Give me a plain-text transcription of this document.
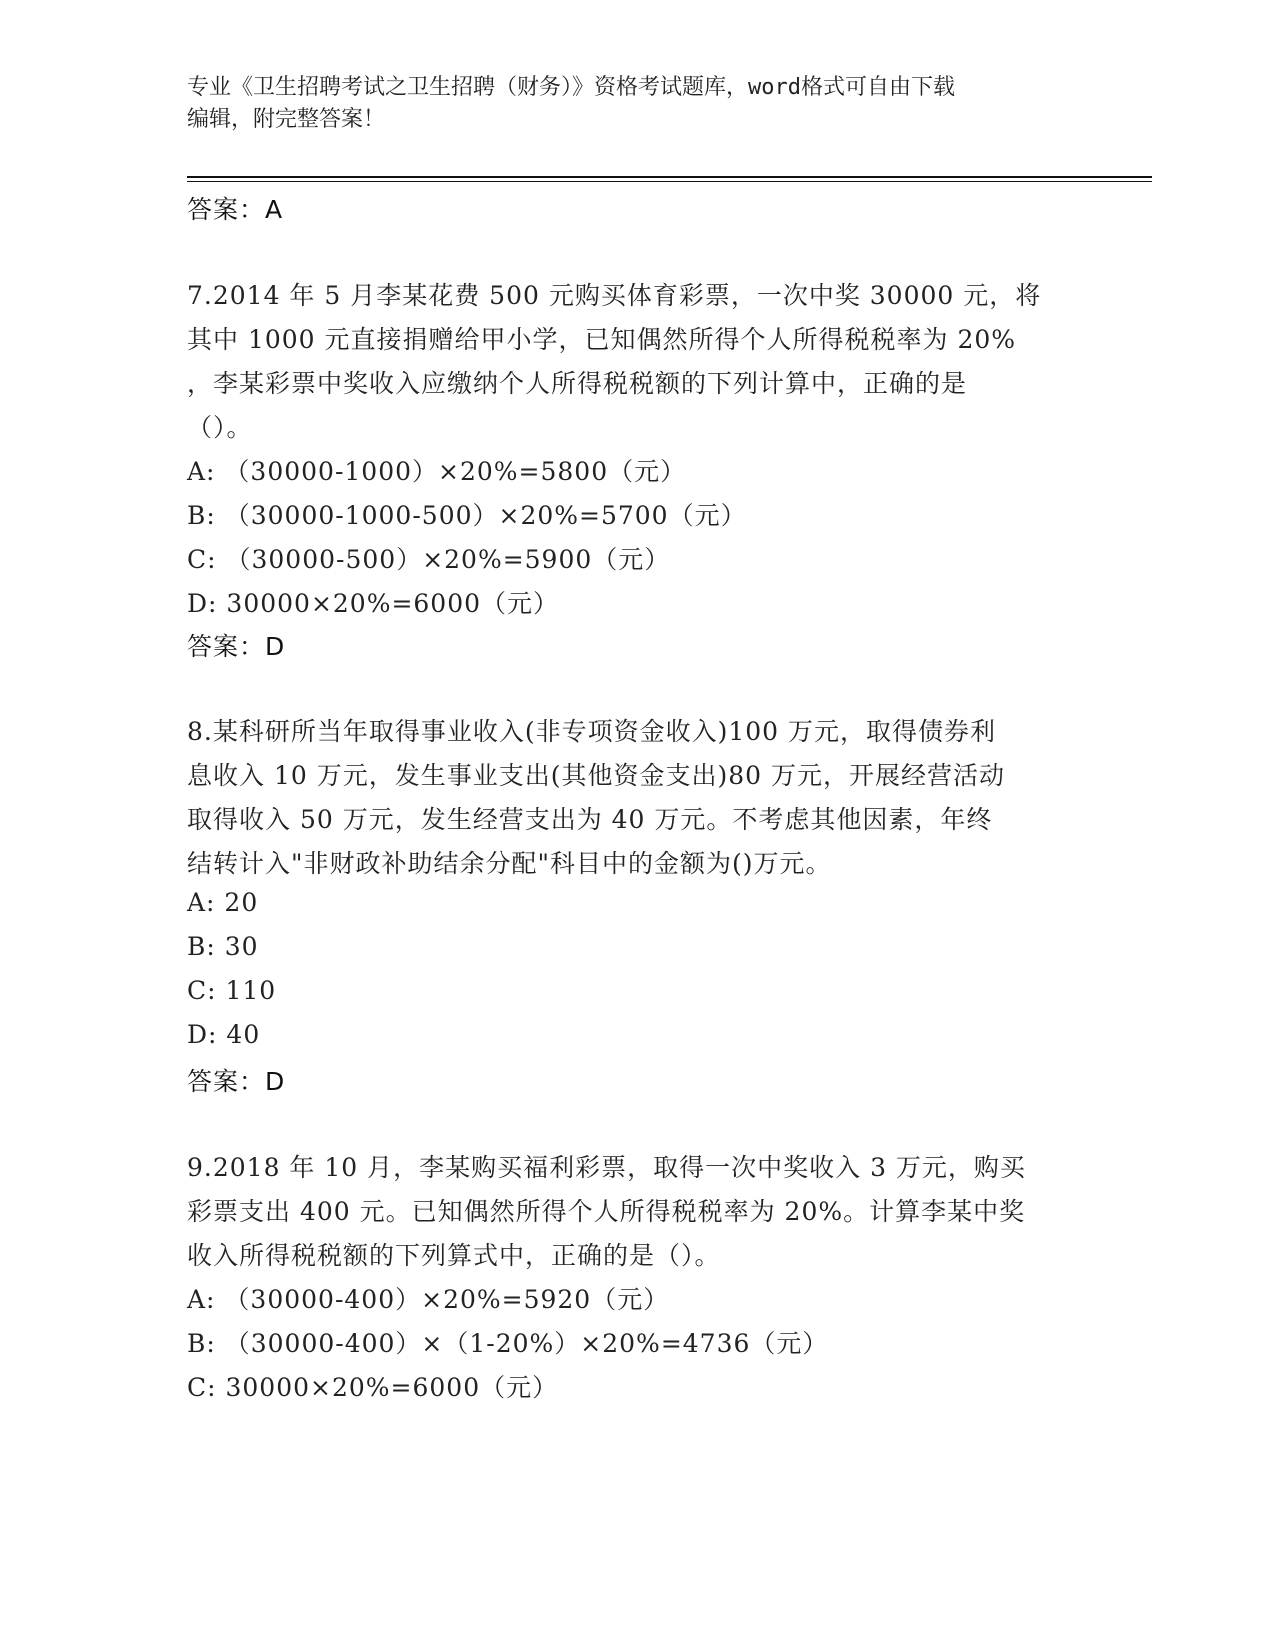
专业《卫生招聘考试之卫生招聘（财务）》资格考试题库，word格式可自由下载
编辑，附完整答案！
答案：A
7.2014 年 5 月李某花费 500 元购买体育彩票，一次中奖 30000 元，将
其中 1000 元直接捐赠给甲小学，已知偶然所得个人所得税税率为 20%
，李某彩票中奖收入应缴纳个人所得税税额的下列计算中，正确的是
（）。
A: （30000-1000）×20%=5800（元）
B: （30000-1000-500）×20%=5700（元）
C: （30000-500）×20%=5900（元）
D: 30000×20%=6000（元）
答案：D
8.某科研所当年取得事业收入(非专项资金收入)100 万元，取得债券利
息收入 10 万元，发生事业支出(其他资金支出)80 万元，开展经营活动
取得收入 50 万元，发生经营支出为 40 万元。不考虑其他因素，年终
结转计入"非财政补助结余分配"科目中的金额为()万元。
A: 20
B: 30
C: 110
D: 40
答案：D
9.2018 年 10 月，李某购买福利彩票，取得一次中奖收入 3 万元，购买
彩票支出 400 元。已知偶然所得个人所得税税率为 20%。计算李某中奖
收入所得税税额的下列算式中，正确的是（）。
A: （30000-400）×20%=5920（元）
B: （30000-400）×（1-20%）×20%=4736（元）
C: 30000×20%=6000（元）
